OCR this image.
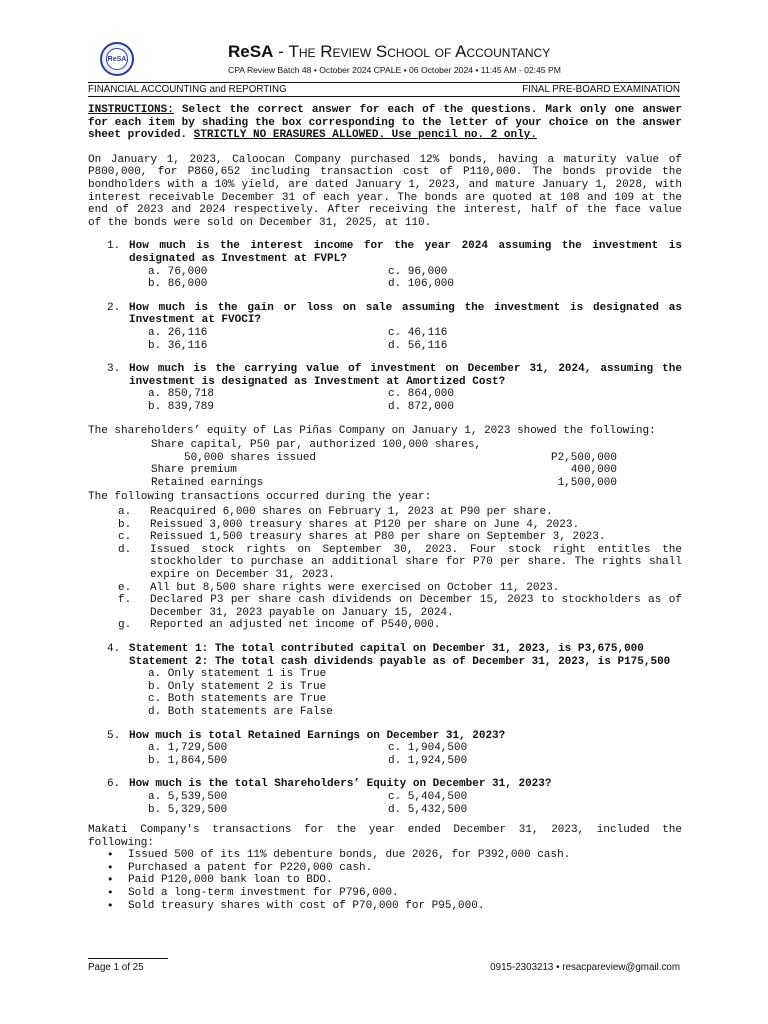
ReSA	ReSA - The Review School of Accountancy
CPA Review Batch 48 • October 2024 CPALE • 06 October 2024 • 11:45 AM - 02:45 PM
FINANCIAL ACCOUNTING and REPORTING	FINAL PRE-BOARD EXAMINATION
INSTRUCTIONS: Select the correct answer for each of the questions. Mark only one answer for each item by shading the box corresponding to the letter of your choice on the answer sheet provided. STRICTLY NO ERASURES ALLOWED. Use pencil no. 2 only.
On January 1, 2023, Caloocan Company purchased 12% bonds, having a maturity value of P800,000, for P860,652 including transaction cost of P110,000. The bonds provide the bondholders with a 10% yield, are dated January 1, 2023, and mature January 1, 2028, with interest receivable December 31 of each year. The bonds are quoted at 108 and 109 at the end of 2023 and 2024 respectively. After receiving the interest, half of the face value of the bonds were sold on December 31, 2025, at 110.
1. How much is the interest income for the year 2024 assuming the investment is designated as Investment at FVPL?
a. 76,000	c. 96,000
b. 86,000	d. 106,000
2. How much is the gain or loss on sale assuming the investment is designated as Investment at FVOCI?
a. 26,116	c. 46,116
b. 36,116	d. 56,116
3. How much is the carrying value of investment on December 31, 2024, assuming the investment is designated as Investment at Amortized Cost?
a. 850,718	c. 864,000
b. 839,789	d. 872,000
The shareholders’ equity of Las Piñas Company on January 1, 2023 showed the following:
Share capital, P50 par, authorized 100,000 shares,
50,000 shares issued	P2,500,000
Share premium	400,000
Retained earnings	1,500,000
The following transactions occurred during the year:
a. Reacquired 6,000 shares on February 1, 2023 at P90 per share.
b. Reissued 3,000 treasury shares at P120 per share on June 4, 2023.
c. Reissued 1,500 treasury shares at P80 per share on September 3, 2023.
d. Issued stock rights on September 30, 2023. Four stock right entitles the stockholder to purchase an additional share for P70 per share. The rights shall expire on December 31, 2023.
e. All but 8,500 share rights were exercised on October 11, 2023.
f. Declared P3 per share cash dividends on December 15, 2023 to stockholders as of December 31, 2023 payable on January 15, 2024.
g. Reported an adjusted net income of P540,000.
4. Statement 1: The total contributed capital on December 31, 2023, is P3,675,000
Statement 2: The total cash dividends payable as of December 31, 2023, is P175,500
a. Only statement 1 is True
b. Only statement 2 is True
c. Both statements are True
d. Both statements are False
5. How much is total Retained Earnings on December 31, 2023?
a. 1,729,500	c. 1,904,500
b. 1,864,500	d. 1,924,500
6. How much is the total Shareholders’ Equity on December 31, 2023?
a. 5,539,500	c. 5,404,500
b. 5,329,500	d. 5,432,500
Makati Company's transactions for the year ended December 31, 2023, included the following:
• Issued 500 of its 11% debenture bonds, due 2026, for P392,000 cash.
• Purchased a patent for P220,000 cash.
• Paid P120,000 bank loan to BDO.
• Sold a long-term investment for P796,000.
• Sold treasury shares with cost of P70,000 for P95,000.
Page 1 of 25	0915-2303213 • resacpareview@gmail.com
